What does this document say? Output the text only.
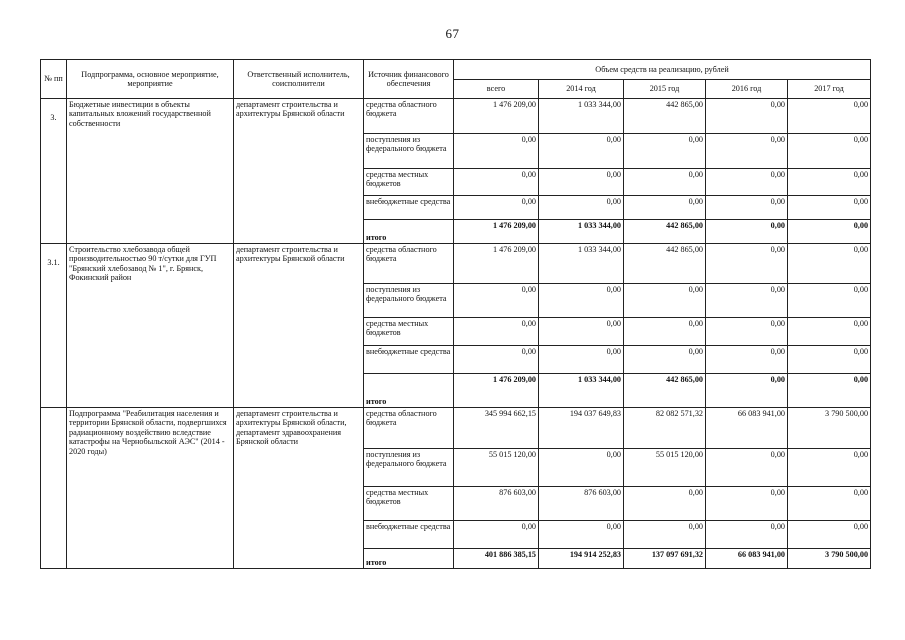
67
№ пп	Подпрограмма, основное мероприятие, мероприятие	Ответственный исполнитель, соисполнители	Источник финансового обеспечения	Объем средств на реализацию, рублей				
				всего	2014 год	2015 год	2016 год	2017 год
3.	Бюджетные инвестиции в объекты капитальных вложений государственной собственности	департамент строительства и архитектуры Брянской области	средства областного бюджета	1 476 209,00	1 033 344,00	442 865,00	0,00	0,00
			поступления из федерального бюджета	0,00	0,00	0,00	0,00	0,00
			средства местных бюджетов	0,00	0,00	0,00	0,00	0,00
			внебюджетные средства	0,00	0,00	0,00	0,00	0,00
			итого	1 476 209,00	1 033 344,00	442 865,00	0,00	0,00
3.1.	Строительство хлебозавода общей производительностью 90 т/сутки для ГУП "Брянский хлебозавод № 1", г. Брянск, Фокинский район	департамент строительства и архитектуры Брянской области	средства областного бюджета	1 476 209,00	1 033 344,00	442 865,00	0,00	0,00
			поступления из федерального бюджета	0,00	0,00	0,00	0,00	0,00
			средства местных бюджетов	0,00	0,00	0,00	0,00	0,00
			внебюджетные средства	0,00	0,00	0,00	0,00	0,00
			итого	1 476 209,00	1 033 344,00	442 865,00	0,00	0,00
	Подпрограмма "Реабилитация населения и территории Брянской области, подвергшихся радиационному воздействию вследствие катастрофы на Чернобыльской АЭС" (2014 - 2020 годы)	департамент строительства и архитектуры Брянской области, департамент здравоохранения Брянской области	средства областного бюджета	345 994 662,15	194 037 649,83	82 082 571,32	66 083 941,00	3 790 500,00
			поступления из федерального бюджета	55 015 120,00	0,00	55 015 120,00	0,00	0,00
			средства местных бюджетов	876 603,00	876 603,00	0,00	0,00	0,00
			внебюджетные средства	0,00	0,00	0,00	0,00	0,00
			итого	401 886 385,15	194 914 252,83	137 097 691,32	66 083 941,00	3 790 500,00
